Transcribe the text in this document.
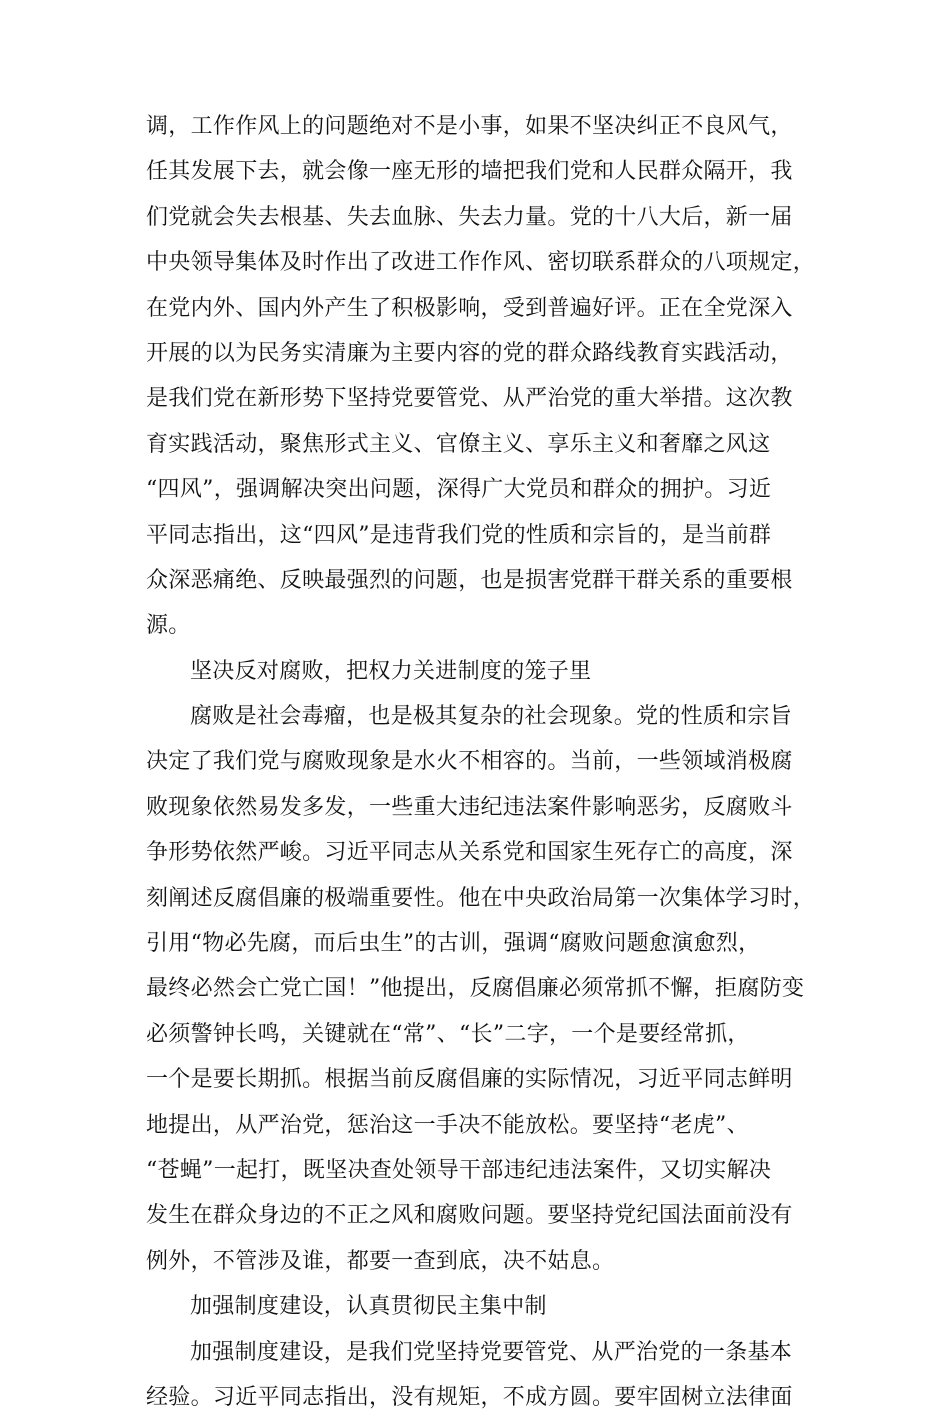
调，工作作风上的问题绝对不是小事，如果不坚决纠正不良风气，
任其发展下去，就会像一座无形的墙把我们党和人民群众隔开，我
们党就会失去根基、失去血脉、失去力量。党的十八大后，新一届
中央领导集体及时作出了改进工作作风、密切联系群众的八项规定，
在党内外、国内外产生了积极影响，受到普遍好评。正在全党深入
开展的以为民务实清廉为主要内容的党的群众路线教育实践活动，
是我们党在新形势下坚持党要管党、从严治党的重大举措。这次教
育实践活动，聚焦形式主义、官僚主义、享乐主义和奢靡之风这
“四风”，强调解决突出问题，深得广大党员和群众的拥护。习近
平同志指出，这“四风”是违背我们党的性质和宗旨的，是当前群
众深恶痛绝、反映最强烈的问题，也是损害党群干群关系的重要根
源。
坚决反对腐败，把权力关进制度的笼子里
腐败是社会毒瘤，也是极其复杂的社会现象。党的性质和宗旨
决定了我们党与腐败现象是水火不相容的。当前，一些领域消极腐
败现象依然易发多发，一些重大违纪违法案件影响恶劣，反腐败斗
争形势依然严峻。习近平同志从关系党和国家生死存亡的高度，深
刻阐述反腐倡廉的极端重要性。他在中央政治局第一次集体学习时，
引用“物必先腐，而后虫生”的古训，强调“腐败问题愈演愈烈，
最终必然会亡党亡国！”他提出，反腐倡廉必须常抓不懈，拒腐防变
必须警钟长鸣，关键就在“常”、“长”二字，一个是要经常抓，
一个是要长期抓。根据当前反腐倡廉的实际情况，习近平同志鲜明
地提出，从严治党，惩治这一手决不能放松。要坚持“老虎”、
“苍蝇”一起打，既坚决查处领导干部违纪违法案件，又切实解决
发生在群众身边的不正之风和腐败问题。要坚持党纪国法面前没有
例外，不管涉及谁，都要一查到底，决不姑息。
加强制度建设，认真贯彻民主集中制
加强制度建设，是我们党坚持党要管党、从严治党的一条基本
经验。习近平同志指出，没有规矩，不成方圆。要牢固树立法律面
